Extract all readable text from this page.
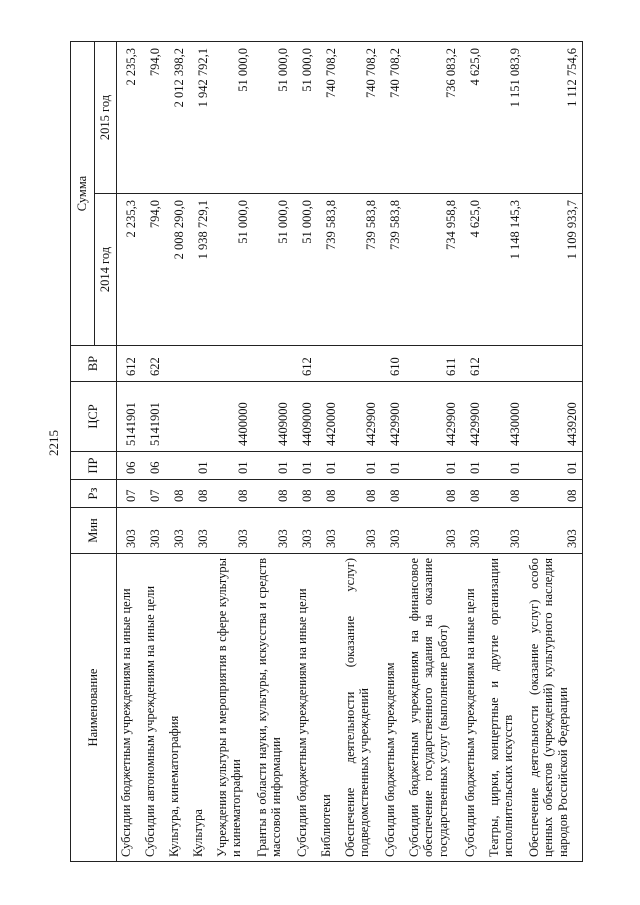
2215
Наименование	Мин	Рз	ПР	ЦСР	ВР	Сумма	
						2014 год	2015 год
Субсидии бюджетным учреждениям на иные цели	303	07	06	5141901	612	2 235,3	2 235,3
Субсидии автономным учреждениям на иные цели	303	07	06	5141901	622	794,0	794,0
Культура, кинематография	303	08				2 008 290,0	2 012 398,2
Культура	303	08	01			1 938 729,1	1 942 792,1
Учреждения культуры и мероприятия в сфере культуры и кинематографии	303	08	01	4400000		51 000,0	51 000,0
Гранты в области науки, культуры, искусства и средств массовой информации	303	08	01	4409000		51 000,0	51 000,0
Субсидии бюджетным учреждениям на иные цели	303	08	01	4409000	612	51 000,0	51 000,0
Библиотеки	303	08	01	4420000		739 583,8	740 708,2
Обеспечение деятельности (оказание услуг) подведомственных учреждений	303	08	01	4429900		739 583,8	740 708,2
Субсидии бюджетным учреждениям	303	08	01	4429900	610	739 583,8	740 708,2
Субсидии бюджетным учреждениям на финансовое обеспечение государственного задания на оказание государственных услуг (выполнение работ)	303	08	01	4429900	611	734 958,8	736 083,2
Субсидии бюджетным учреждениям на иные цели	303	08	01	4429900	612	4 625,0	4 625,0
Театры, цирки, концертные и другие организации исполнительских искусств	303	08	01	4430000		1 148 145,3	1 151 083,9
Обеспечение деятельности (оказание услуг) особо ценных объектов (учреждений) культурного наследия народов Российской Федерации	303	08	01	4439200		1 109 933,7	1 112 754,6
